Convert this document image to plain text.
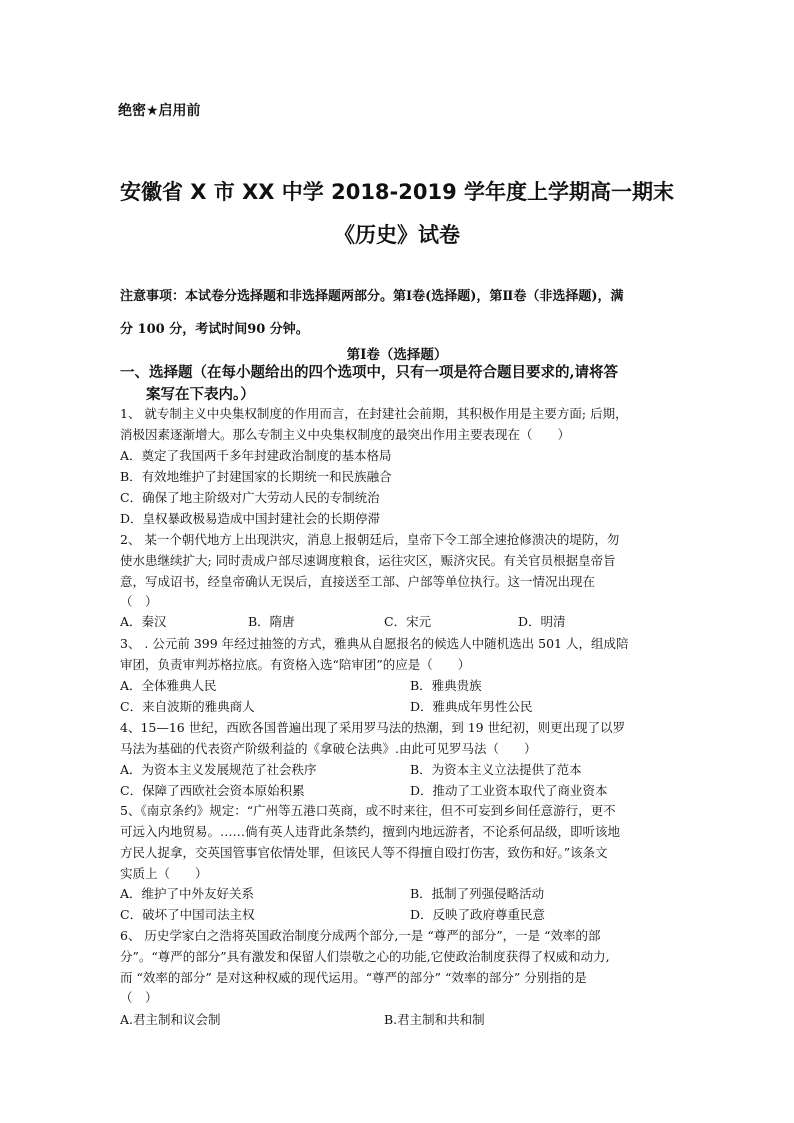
绝密★启用前
安徽省 X 市 XX 中学 2018-2019 学年度上学期高一期末
《历史》试卷
注意事项：本试卷分选择题和非选择题两部分。第Ⅰ卷(选择题)，第Ⅱ卷（非选择题)，满
分 100 分，考试时间90 分钟。
第Ⅰ卷（选择题）
一、选择题（在每小题给出的四个选项中，只有一项是符合题目要求的,请将答
案写在下表内。）
1、 就专制主义中央集权制度的作用而言，在封建社会前期，其积极作用是主要方面; 后期，
消极因素逐渐增大。那么专制主义中央集权制度的最突出作用主要表现在（　　）
A．奠定了我国两千多年封建政治制度的基本格局
B．有效地维护了封建国家的长期统一和民族融合
C．确保了地主阶级对广大劳动人民的专制统治
D．皇权暴政极易造成中国封建社会的长期停滞
2、 某一个朝代地方上出现洪灾，消息上报朝廷后，皇帝下令工部全速抢修溃决的堤防，勿
使水患继续扩大; 同时责成户部尽速调度粮食，运往灾区，赈济灾民。有关官员根据皇帝旨
意，写成诏书，经皇帝确认无误后，直接送至工部、户部等单位执行。这一情况出现在
（　）
A．秦汉	B．隋唐	C．宋元	D．明清
3、 . 公元前 399 年经过抽签的方式，雅典从自愿报名的候选人中随机选出 501 人，组成陪
审团，负责审判苏格拉底。有资格入选“陪审团”的应是（　　）
A．全体雅典人民	B．雅典贵族
C．来自波斯的雅典商人	D．雅典成年男性公民
4、15—16 世纪，西欧各国普遍出现了采用罗马法的热潮，到 19 世纪初，则更出现了以罗
马法为基础的代表资产阶级利益的《拿破仑法典》.由此可见罗马法（　　）
A．为资本主义发展规范了社会秩序	B．为资本主义立法提供了范本
C．保障了西欧社会资本原始积累	D．推动了工业资本取代了商业资本
5、《南京条约》规定：“广州等五港口英商，或不时来往，但不可妄到乡间任意游行，更不
可远入内地贸易。……倘有英人违背此条禁约，擅到内地远游者，不论系何品级，即听该地
方民人捉拿，交英国管事官依情处罪，但该民人等不得擅自殴打伤害，致伤和好。”该条文
实质上（　　）
A．维护了中外友好关系	B．抵制了列强侵略活动
C．破坏了中国司法主权	D．反映了政府尊重民意
6、 历史学家白之浩将英国政治制度分成两个部分,一是 “尊严的部分”，一是 “效率的部
分”。“尊严的部分”具有激发和保留人们崇敬之心的功能,它使政治制度获得了权威和动力,
而 “效率的部分” 是对这种权威的现代运用。“尊严的部分” “效率的部分” 分别指的是
（　）
A.君主制和议会制	B.君主制和共和制
